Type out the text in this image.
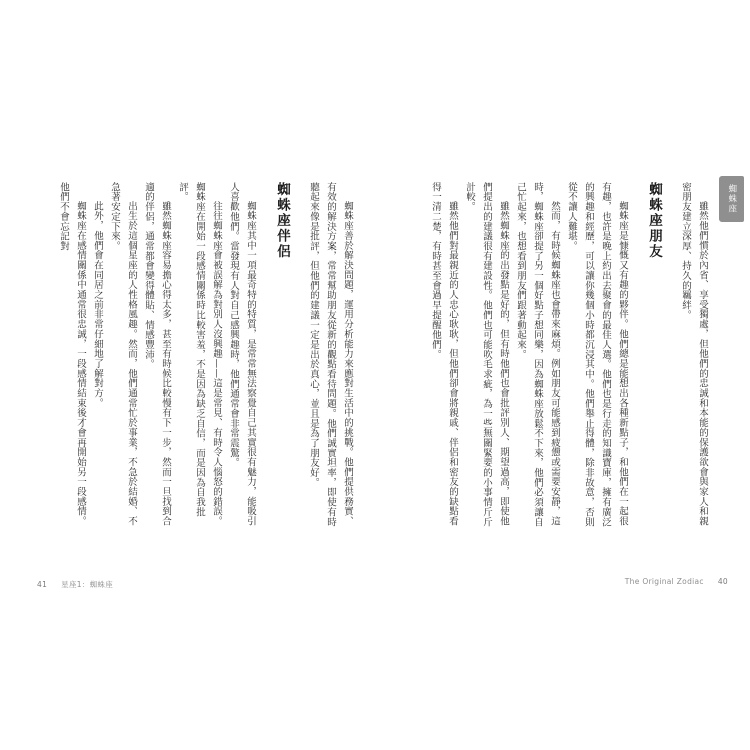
蜘蛛座

雖然他們慣於內省、享受獨處，但他們的忠誠和本能的保護欲會與家人和親密朋友建立深厚、持久的羈絆。

蜘蛛座朋友

蜘蛛座是慷慨又有趣的夥伴。他們總是能想出各種新點子，和他們在一起很有趣，也許是晚上約出去聚會的最佳人選。他們也是行走的知識寶庫，擁有廣泛的興趣和經歷，可以讓你幾個小時都沉浸其中。他們舉止得體，除非故意，否則從不讓人難堪。

然而，有時候蜘蛛座也會帶來麻煩。例如朋友可能感到疲憊或需要安靜，這時，蜘蛛座卻提了另一個好點子想同樂，因為蜘蛛座放鬆不下來，他們必須讓自己忙起來，也想看到朋友們跟著動起來。

雖然蜘蛛座的出發點是好的，但有時他們也會批評別人、期望過高，即使他們提出的建議很有建設性。他們也可能吹毛求疵，為一些無關緊要的小事情斤斤計較。

雖然他們對最親近的人忠心耿耿，但他們卻會將親戚、伴侶和密友的缺點看得一清二楚，有時甚至會過早提醒他們。

蜘蛛座善於解決問題，運用分析能力來應對生活中的挑戰。他們提供務實、有效的解決方案，常常幫助朋友從新的觀點看待問題。他們誠實坦率，即使有時聽起來像是批評，但他們的建議一定是出於真心，並且是為了朋友好。

蜘蛛座伴侶

蜘蛛座其中一項最奇特的特質，是常常無法察覺自己其實很有魅力，能吸引人喜歡他們。當發現有人對自己感興趣時，他們通常會非常震驚。

往往蜘蛛座會被誤解為對別人沒興趣——這是常見、有時令人惱怒的錯誤。蜘蛛座在開始一段感情關係時比較害羞，不是因為缺乏自信，而是因為自我批評。

雖然蜘蛛座容易擔心得太多，甚至有時候比較慢有下一步，然而一旦找到合適的伴侶，通常都會變得體貼、情感豐沛。

出生於這個星座的人性格風趣。然而，他們通常忙於事業，不急於結婚、不急著安定下來。

此外，他們會在同居之前非常仔細地了解對方。

蜘蛛座在感情關係中通常很忠誠，一段感情結束後才會再開始另一段感情。他們不會忘記對

The Original Zodiac 40
41 星座1：蜘蛛座
